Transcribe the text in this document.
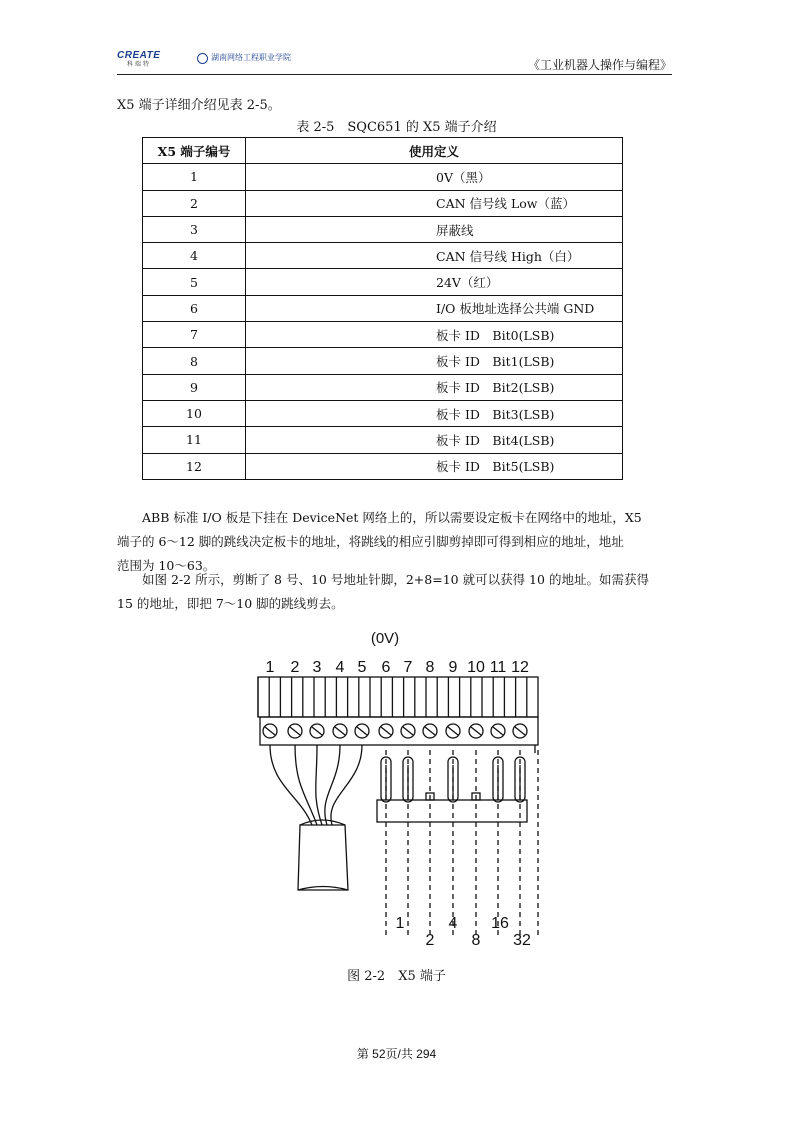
CREATE
科 瑞 特
湖南网络工程职业学院
《工业机器人操作与编程》
X5 端子详细介绍见表 2-5。
表 2-5　SQC651 的 X5 端子介绍
X5 端子编号	使用定义
1	0V（黑）
2	CAN 信号线 Low（蓝）
3	屏蔽线
4	CAN 信号线 High（白）
5	24V（红）
6	I/O 板地址选择公共端 GND
7	板卡 ID　Bit0(LSB)
8	板卡 ID　Bit1(LSB)
9	板卡 ID　Bit2(LSB)
10	板卡 ID　Bit3(LSB)
11	板卡 ID　Bit4(LSB)
12	板卡 ID　Bit5(LSB)
　　ABB 标准 I/O 板是下挂在 DeviceNet 网络上的，所以需要设定板卡在网络中的地址，X5
端子的 6～12 脚的跳线决定板卡的地址，将跳线的相应引脚剪掉即可得到相应的地址，地址
范围为 10～63。
　　如图 2-2 所示，剪断了 8 号、10 号地址针脚，2+8=10 就可以获得 10 的地址。如需获得
15 的地址，即把 7～10 脚的跳线剪去。
(0V)
1 2 3 4 5 6 7 8 9 10 11 12
1
2
4
8
16
32
图 2-2　X5 端子
第 52页/共 294
